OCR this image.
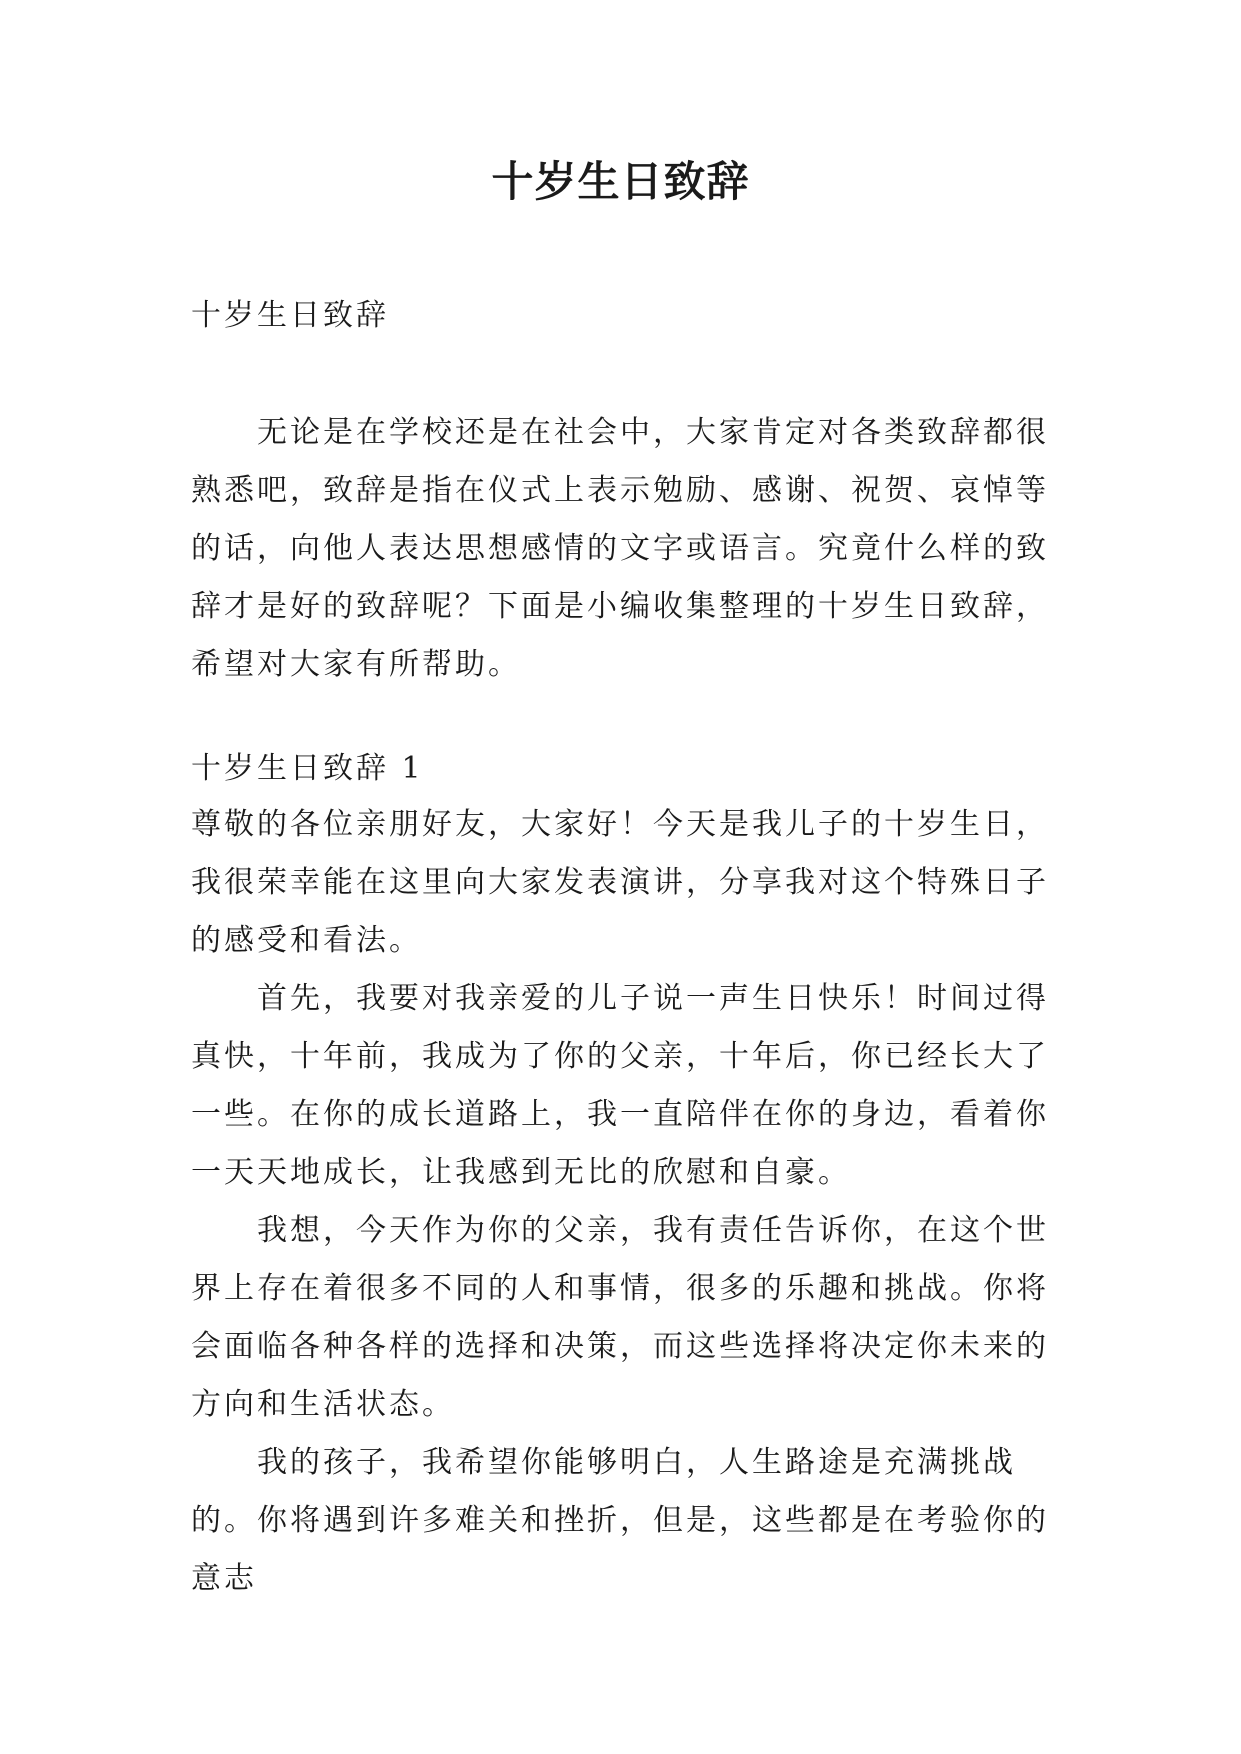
十岁生日致辞
十岁生日致辞

无论是在学校还是在社会中，大家肯定对各类致辞都很熟悉吧，致辞是指在仪式上表示勉励、感谢、祝贺、哀悼等的话，向他人表达思想感情的文字或语言。究竟什么样的致辞才是好的致辞呢？下面是小编收集整理的十岁生日致辞，希望对大家有所帮助。

十岁生日致辞 1

尊敬的各位亲朋好友，大家好！今天是我儿子的十岁生日，我很荣幸能在这里向大家发表演讲，分享我对这个特殊日子的感受和看法。

首先，我要对我亲爱的儿子说一声生日快乐！时间过得真快，十年前，我成为了你的父亲，十年后，你已经长大了一些。在你的成长道路上，我一直陪伴在你的身边，看着你一天天地成长，让我感到无比的欣慰和自豪。

我想，今天作为你的父亲，我有责任告诉你，在这个世界上存在着很多不同的人和事情，很多的乐趣和挑战。你将会面临各种各样的选择和决策，而这些选择将决定你未来的方向和生活状态。

我的孩子，我希望你能够明白，人生路途是充满挑战的。你将遇到许多难关和挫折，但是，这些都是在考验你的意志
